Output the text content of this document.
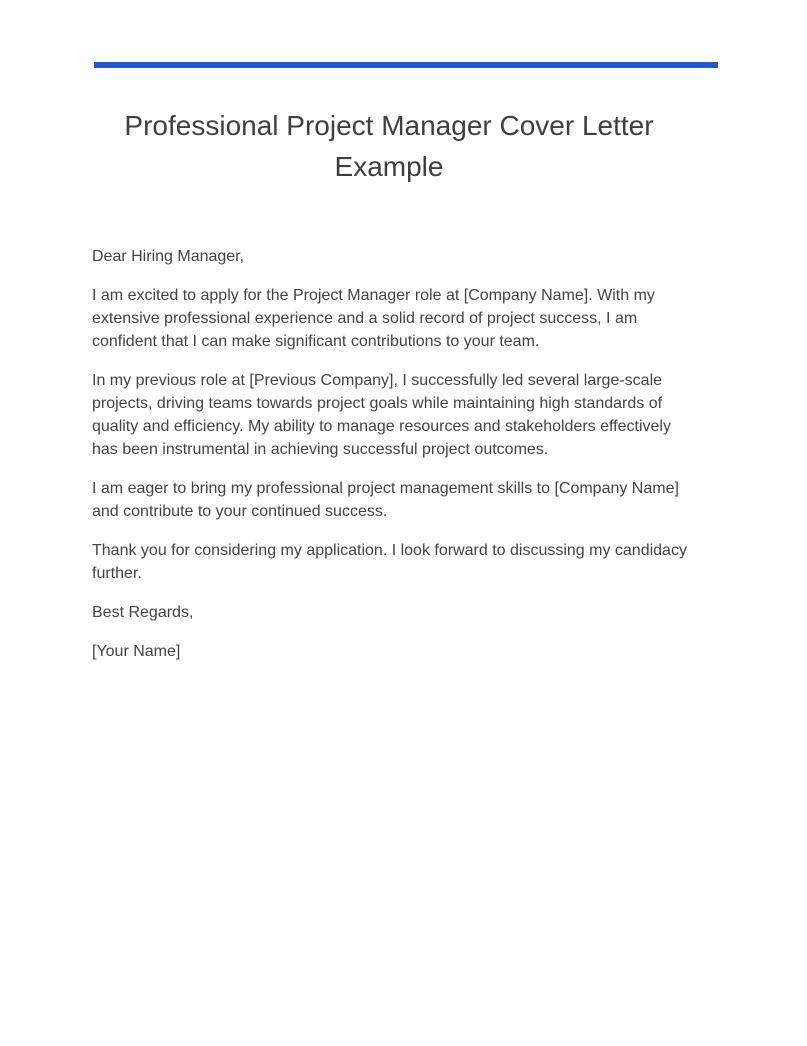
Professional Project Manager Cover Letter Example

Dear Hiring Manager,

I am excited to apply for the Project Manager role at [Company Name]. With my extensive professional experience and a solid record of project success, I am confident that I can make significant contributions to your team.

In my previous role at [Previous Company], I successfully led several large-scale projects, driving teams towards project goals while maintaining high standards of quality and efficiency. My ability to manage resources and stakeholders effectively has been instrumental in achieving successful project outcomes.

I am eager to bring my professional project management skills to [Company Name] and contribute to your continued success.

Thank you for considering my application. I look forward to discussing my candidacy further.

Best Regards,

[Your Name]
